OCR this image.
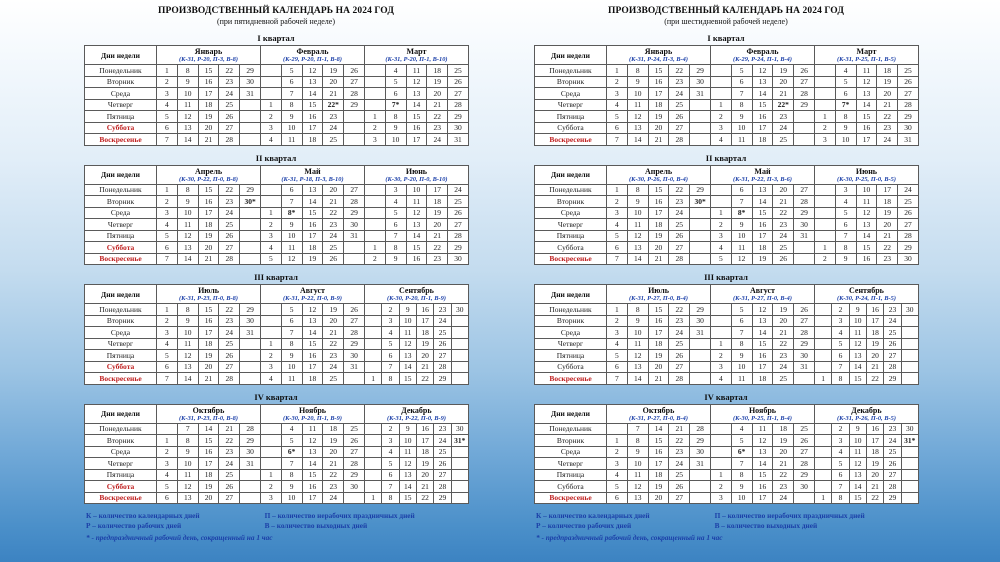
ПРОИЗВОДСТВЕННЫЙ КАЛЕНДАРЬ НА 2024 ГОД
(при пятидневной рабочей неделе)
I квартал
Дни недели	Январь
(К-31, Р-20, П-3, В-8)

Февраль
(К-29, Р-20, П-1, В-8)

Март
(К-31, Р-20, П-1, В-10)

Понедельник	1	8	15	22	29		5	12	19	26		4	11	18	25
Вторник	2	9	16	23	30		6	13	20	27		5	12	19	26
Среда	3	10	17	24	31		7	14	21	28		6	13	20	27
Четверг	4	11	18	25		1	8	15	22*	29		7*	14	21	28
Пятница	5	12	19	26		2	9	16	23		1	8	15	22	29
Суббота	6	13	20	27		3	10	17	24		2	9	16	23	30
Воскресенье	7	14	21	28		4	11	18	25		3	10	17	24	31
II квартал
Дни недели	Апрель
(К-30, Р-22, П-0, В-8)

Май
(К-31, Р-18, П-3, В-10)

Июнь
(К-30, Р-20, П-0, В-10)

Понедельник	1	8	15	22	29		6	13	20	27		3	10	17	24
Вторник	2	9	16	23	30*		7	14	21	28		4	11	18	25
Среда	3	10	17	24		1	8*	15	22	29		5	12	19	26
Четверг	4	11	18	25		2	9	16	23	30		6	13	20	27
Пятница	5	12	19	26		3	10	17	24	31		7	14	21	28
Суббота	6	13	20	27		4	11	18	25		1	8	15	22	29
Воскресенье	7	14	21	28		5	12	19	26		2	9	16	23	30
III квартал
Дни недели	Июль
(К-31, Р-23, П-0, В-8)

Август
(К-31, Р-22, П-0, В-9)

Сентябрь
(К-30, Р-20, П-1, В-9)

Понедельник	1	8	15	22	29		5	12	19	26		2	9	16	23	30
Вторник	2	9	16	23	30		6	13	20	27		3	10	17	24	
Среда	3	10	17	24	31		7	14	21	28		4	11	18	25	
Четверг	4	11	18	25		1	8	15	22	29		5	12	19	26	
Пятница	5	12	19	26		2	9	16	23	30		6	13	20	27	
Суббота	6	13	20	27		3	10	17	24	31		7	14	21	28	
Воскресенье	7	14	21	28		4	11	18	25		1	8	15	22	29	
IV квартал
Дни недели	Октябрь
(К-31, Р-23, П-0, В-8)

Ноябрь
(К-30, Р-20, П-1, В-9)

Декабрь
(К-31, Р-22, П-0, В-9)

Понедельник		7	14	21	28		4	11	18	25		2	9	16	23	30
Вторник	1	8	15	22	29		5	12	19	26		3	10	17	24	31*
Среда	2	9	16	23	30		6*	13	20	27		4	11	18	25	
Четверг	3	10	17	24	31		7	14	21	28		5	12	19	26	
Пятница	4	11	18	25		1	8	15	22	29		6	13	20	27	
Суббота	5	12	19	26		2	9	16	23	30		7	14	21	28	
Воскресенье	6	13	20	27		3	10	17	24		1	8	15	22	29	
К – количество календарных дней	П – количество нерабочих праздничных дней
Р – количество рабочих дней	В – количество выходных дней
* - предпраздничный рабочий день, сокращенный на 1 час
ПРОИЗВОДСТВЕННЫЙ КАЛЕНДАРЬ НА 2024 ГОД
(при шестидневной рабочей неделе)
I квартал
Дни недели	Январь
(К-31, Р-24, П-3, В-4)

Февраль
(К-29, Р-24, П-1, В-4)

Март
(К-31, Р-25, П-1, В-5)

Понедельник	1	8	15	22	29		5	12	19	26		4	11	18	25
Вторник	2	9	16	23	30		6	13	20	27		5	12	19	26
Среда	3	10	17	24	31		7	14	21	28		6	13	20	27
Четверг	4	11	18	25		1	8	15	22*	29		7*	14	21	28
Пятница	5	12	19	26		2	9	16	23		1	8	15	22	29
Суббота	6	13	20	27		3	10	17	24		2	9	16	23	30
Воскресенье	7	14	21	28		4	11	18	25		3	10	17	24	31
II квартал
Дни недели	Апрель
(К-30, Р-26, П-0, В-4)

Май
(К-31, Р-22, П-3, В-6)

Июнь
(К-30, Р-25, П-0, В-5)

Понедельник	1	8	15	22	29		6	13	20	27		3	10	17	24
Вторник	2	9	16	23	30*		7	14	21	28		4	11	18	25
Среда	3	10	17	24		1	8*	15	22	29		5	12	19	26
Четверг	4	11	18	25		2	9	16	23	30		6	13	20	27
Пятница	5	12	19	26		3	10	17	24	31		7	14	21	28
Суббота	6	13	20	27		4	11	18	25		1	8	15	22	29
Воскресенье	7	14	21	28		5	12	19	26		2	9	16	23	30
III квартал
Дни недели	Июль
(К-31, Р-27, П-0, В-4)

Август
(К-31, Р-27, П-0, В-4)

Сентябрь
(К-30, Р-24, П-1, В-5)

Понедельник	1	8	15	22	29		5	12	19	26		2	9	16	23	30
Вторник	2	9	16	23	30		6	13	20	27		3	10	17	24	
Среда	3	10	17	24	31		7	14	21	28		4	11	18	25	
Четверг	4	11	18	25		1	8	15	22	29		5	12	19	26	
Пятница	5	12	19	26		2	9	16	23	30		6	13	20	27	
Суббота	6	13	20	27		3	10	17	24	31		7	14	21	28	
Воскресенье	7	14	21	28		4	11	18	25		1	8	15	22	29	
IV квартал
Дни недели	Октябрь
(К-31, Р-27, П-0, В-4)

Ноябрь
(К-30, Р-25, П-1, В-4)

Декабрь
(К-31, Р-26, П-0, В-5)

Понедельник		7	14	21	28		4	11	18	25		2	9	16	23	30
Вторник	1	8	15	22	29		5	12	19	26		3	10	17	24	31*
Среда	2	9	16	23	30		6*	13	20	27		4	11	18	25	
Четверг	3	10	17	24	31		7	14	21	28		5	12	19	26	
Пятница	4	11	18	25		1	8	15	22	29		6	13	20	27	
Суббота	5	12	19	26		2	9	16	23	30		7	14	21	28	
Воскресенье	6	13	20	27		3	10	17	24		1	8	15	22	29	
К – количество календарных дней	П – количество нерабочих праздничных дней
Р – количество рабочих дней	В – количество выходных дней
* - предпраздничный рабочий день, сокращенный на 1 час
